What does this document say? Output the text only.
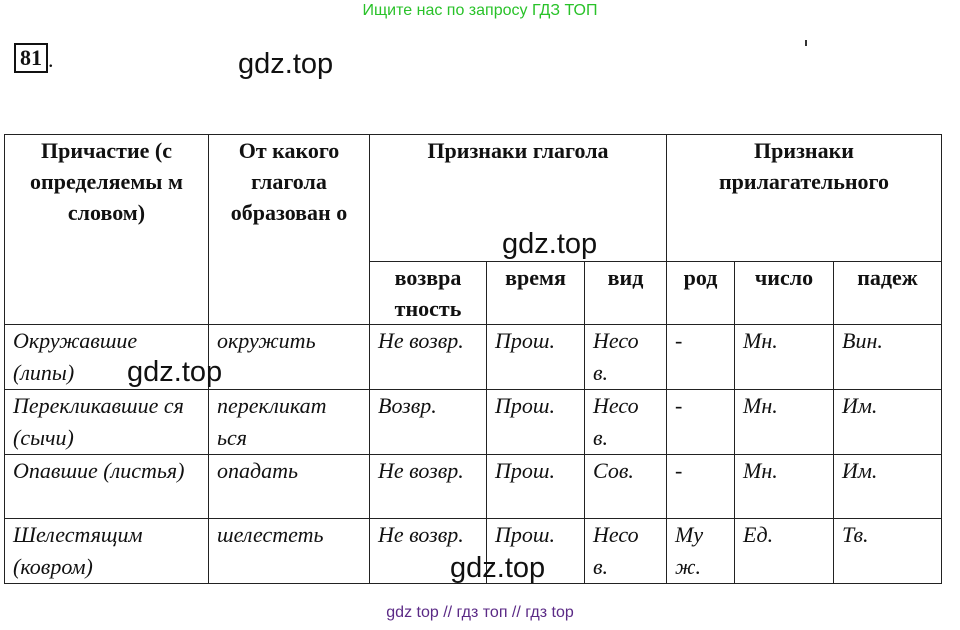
Ищите нас по запросу ГДЗ ТОП
81 .
Причастие (с определяемы м словом)	От какого глагола образован о	Признаки глагола			Признаки прилагательного		
		возвра тность	время	вид	род	число	падеж
Окружавшие (липы)	окружить	Не возвр.	Прош.	Несо в.	-	Мн.	Вин.
Перекликавшие ся (сычи)	перекликат ься	Возвр.	Прош.	Несо в.	-	Мн.	Им.
Опавшие (листья)	опадать	Не возвр.	Прош.	Сов.	-	Мн.	Им.
Шелестящим (ковром)	шелестеть	Не возвр.	Прош.	Несо в.	Му ж.	Ед.	Тв.
gdz.top
gdz.top
gdz.top
gdz.top
gdz top // гдз топ // гдз top
